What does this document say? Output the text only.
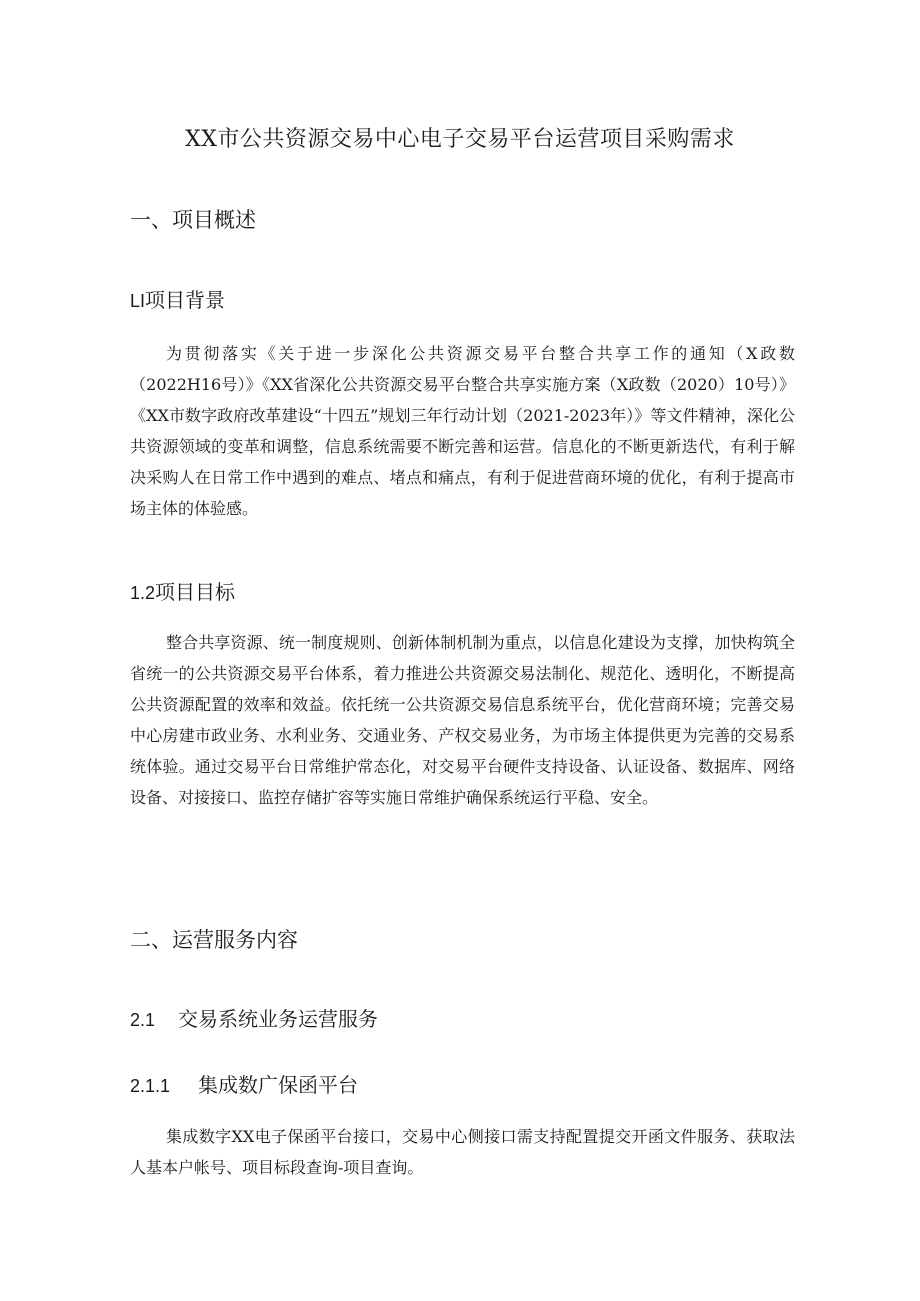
XX市公共资源交易中心电子交易平台运营项目采购需求
一、项目概述
LI项目背景

为贯彻落实《关于进一步深化公共资源交易平台整合共享工作的通知（X政数（2022H16号）》《XX省深化公共资源交易平台整合共享实施方案（X政数（2020）10号）》《XX市数字政府改革建设“十四五”规划三年行动计划（2021-2023年）》等文件精神，深化公共资源领域的变革和调整，信息系统需要不断完善和运营。信息化的不断更新迭代，有利于解决采购人在日常工作中遇到的难点、堵点和痛点，有利于促进营商环境的优化，有利于提高市场主体的体验感。

1.2项目目标

整合共享资源、统一制度规则、创新体制机制为重点，以信息化建设为支撑，加快构筑全省统一的公共资源交易平台体系，着力推进公共资源交易法制化、规范化、透明化，不断提高公共资源配置的效率和效益。依托统一公共资源交易信息系统平台，优化营商环境；完善交易中心房建市政业务、水利业务、交通业务、产权交易业务，为市场主体提供更为完善的交易系统体验。通过交易平台日常维护常态化，对交易平台硬件支持设备、认证设备、数据库、网络设备、对接接口、监控存储扩容等实施日常维护确保系统运行平稳、安全。

二、运营服务内容
2.1 交易系统业务运营服务
2.1.1 集成数广保函平台

集成数字XX电子保函平台接口，交易中心侧接口需支持配置提交开函文件服务、获取法人基本户帐号、项目标段查询-项目查询。
